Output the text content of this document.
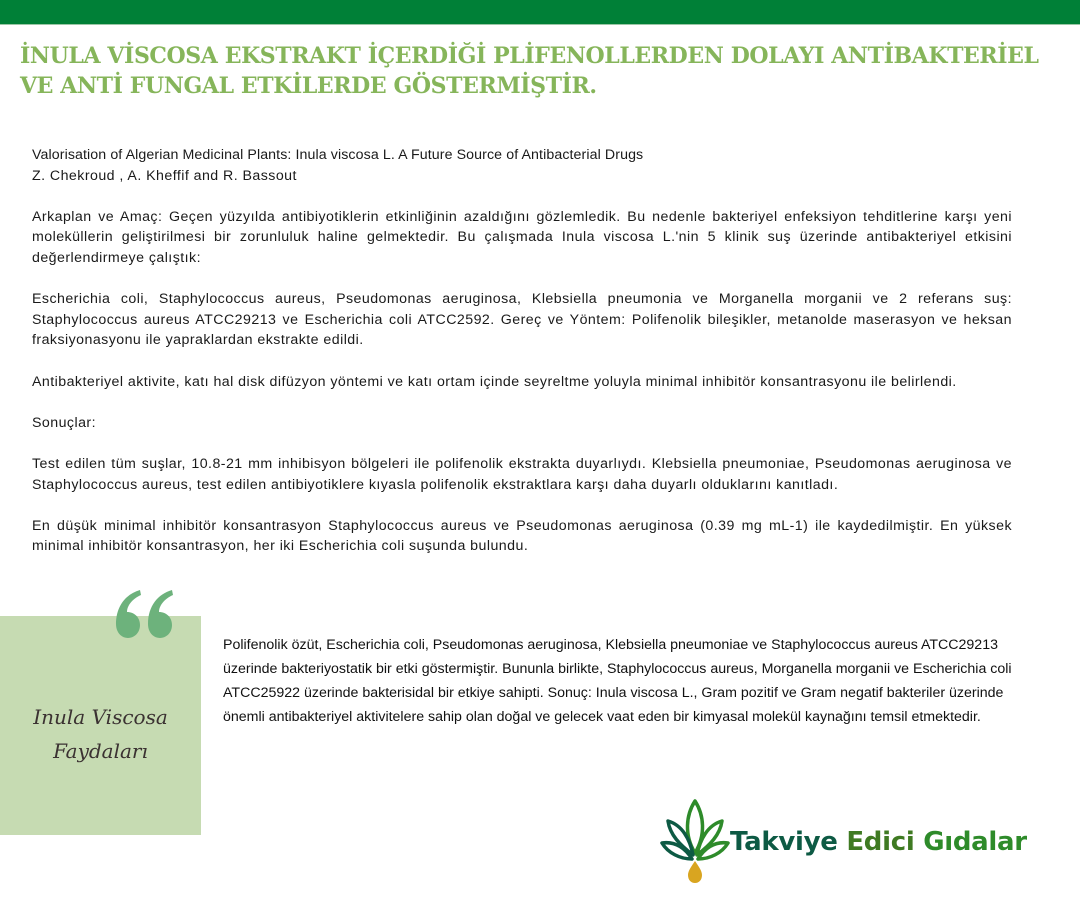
İNULA VİSCOSA EKSTRAKT İÇERDİĞİ PLİFENOLLERDEN DOLAYI ANTİBAKTERİEL VE ANTİ FUNGAL ETKİLERDE GÖSTERMİŞTİR.

Valorisation of Algerian Medicinal Plants: Inula viscosa L. A Future Source of Antibacterial Drugs

Z. Chekroud , A. Kheffif and R. Bassout

Arkaplan ve Amaç: Geçen yüzyılda antibiyotiklerin etkinliğinin azaldığını gözlemledik. Bu nedenle bakteriyel enfeksiyon tehditlerine karşı yeni moleküllerin geliştirilmesi bir zorunluluk haline gelmektedir. Bu çalışmada Inula viscosa L.'nin 5 klinik suş üzerinde antibakteriyel etkisini değerlendirmeye çalıştık:

Escherichia coli, Staphylococcus aureus, Pseudomonas aeruginosa, Klebsiella pneumonia ve Morganella morganii ve 2 referans suş: Staphylococcus aureus ATCC29213 ve Escherichia coli ATCC2592. Gereç ve Yöntem: Polifenolik bileşikler, metanolde maserasyon ve heksan fraksiyonasyonu ile yapraklardan ekstrakte edildi.

Antibakteriyel aktivite, katı hal disk difüzyon yöntemi ve katı ortam içinde seyreltme yoluyla minimal inhibitör konsantrasyonu ile belirlendi.

Sonuçlar:

Test edilen tüm suşlar, 10.8-21 mm inhibisyon bölgeleri ile polifenolik ekstrakta duyarlıydı. Klebsiella pneumoniae, Pseudomonas aeruginosa ve Staphylococcus aureus, test edilen antibiyotiklere kıyasla polifenolik ekstraktlara karşı daha duyarlı olduklarını kanıtladı.

En düşük minimal inhibitör konsantrasyon Staphylococcus aureus ve Pseudomonas aeruginosa (0.39 mg mL-1) ile kaydedilmiştir. En yüksek minimal inhibitör konsantrasyon, her iki Escherichia coli suşunda bulundu.

Inula Viscosa
Faydaları

Polifenolik özüt, Escherichia coli, Pseudomonas aeruginosa, Klebsiella pneumoniae ve Staphylococcus aureus ATCC29213 üzerinde bakteriyostatik bir etki göstermiştir. Bununla birlikte, Staphylococcus aureus, Morganella morganii ve Escherichia coli ATCC25922 üzerinde bakterisidal bir etkiye sahipti. Sonuç: Inula viscosa L., Gram pozitif ve Gram negatif bakteriler üzerinde önemli antibakteriyel aktivitelere sahip olan doğal ve gelecek vaat eden bir kimyasal molekül kaynağını temsil etmektedir.

Takviye Edici Gıdalar
